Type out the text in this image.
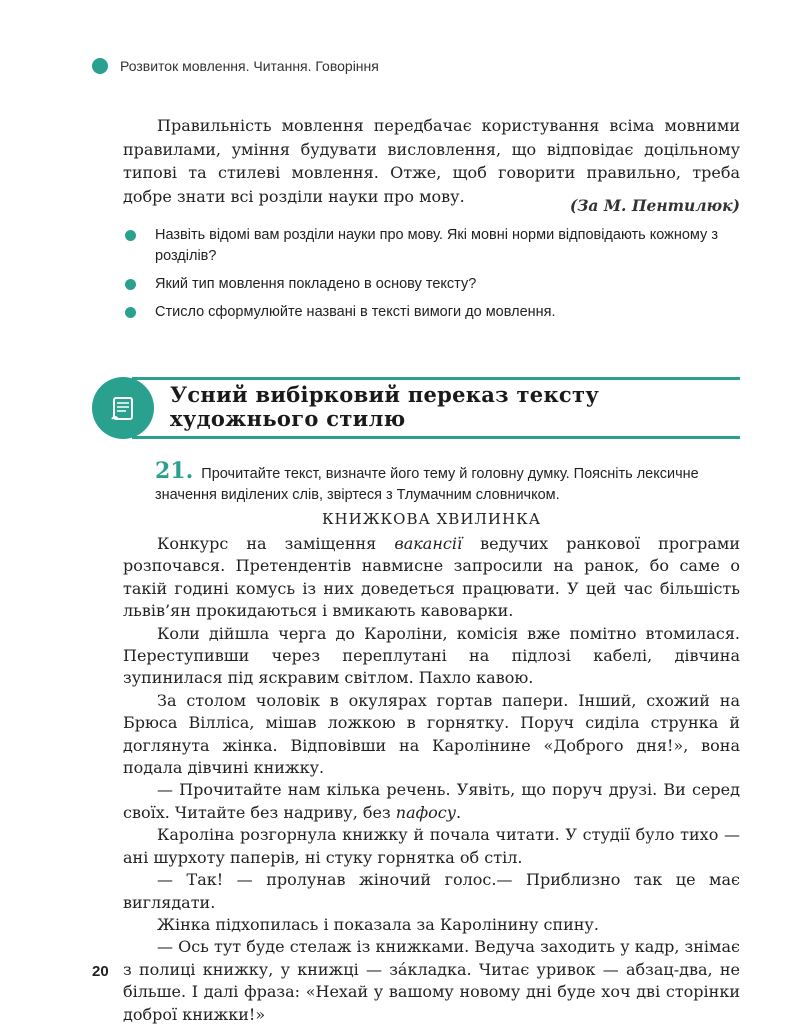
Розвиток мовлення. Читання. Говоріння

Правильність мовлення передбачає користування всіма мовними правилами, уміння будувати висловлення, що відповідає доцільному типові та стилеві мовлення. Отже, щоб говорити правильно, треба добре знати всі розділи науки про мову.	(За М. Пентилюк)
Назвіть відомі вам розділи науки про мову. Які мовні норми відповідають кожному з розділів?
Який тип мовлення покладено в основу тексту?
Стисло сформулюйте названі в тексті вимоги до мовлення.
Усний вибірковий переказ тексту
художнього стилю
21. Прочитайте текст, визначте його тему й головну думку. Поясніть лексичне значення виділених слів, звіртеся з Тлумачним словничком.
КНИЖКОВА ХВИЛИНКА

Конкурс на заміщення вакансії ведучих ранкової програми розпочався. Претендентів навмисне запросили на ранок, бо саме о такій годині комусь із них доведеться працювати. У цей час більшість львів’ян прокидаються і вмикають кавоварки.

Коли дійшла черга до Кароліни, комісія вже помітно втомилася. Переступивши через переплутані на підлозі кабелі, дівчина зупинилася під яскравим світлом. Пахло кавою.

За столом чоловік в окулярах гортав папери. Інший, схожий на Брюса Вілліса, мішав ложкою в горнятку. Поруч сиділа струнка й доглянута жінка. Відповівши на Каролінине «Доброго дня!», вона подала дівчині книжку.

— Прочитайте нам кілька речень. Уявіть, що поруч друзі. Ви серед своїх. Читайте без надриву, без пафосу.

Кароліна розгорнула книжку й почала читати. У студії було тихо — ані шурхоту паперів, ні стуку горнятка об стіл.

— Так! — пролунав жіночий голос.— Приблизно так це має виглядати.

Жінка підхопилась і показала за Каролінину спину.

— Ось тут буде стелаж із книжками. Ведуча заходить у кадр, знімає з полиці книжку, у книжці — за́кладка. Читає уривок — абзац-два, не більше. І далі фраза: «Нехай у вашому новому дні буде хоч дві сторінки доброї книжки!»

20
